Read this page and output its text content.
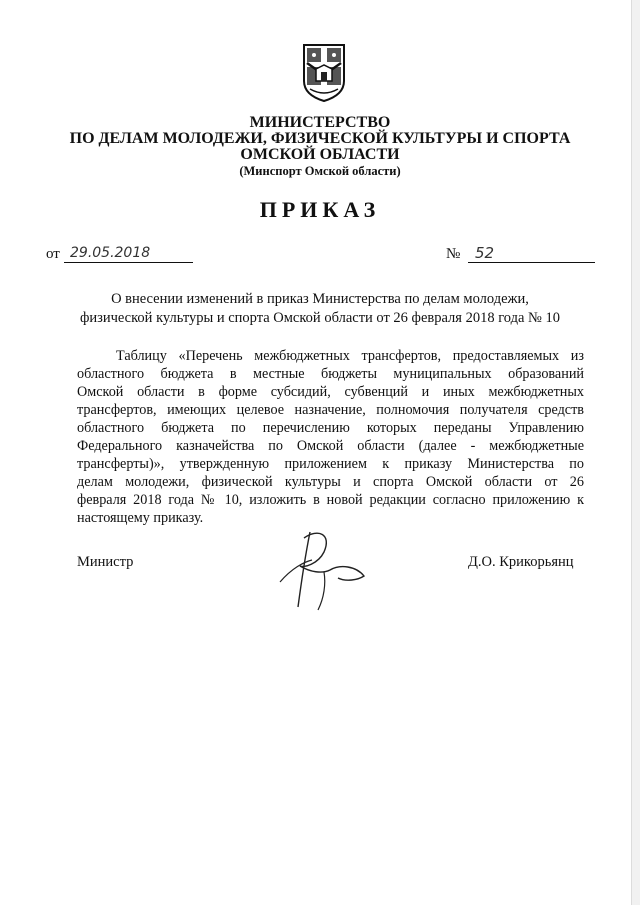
МИНИСТЕРСТВО
ПО ДЕЛАМ МОЛОДЕЖИ, ФИЗИЧЕСКОЙ КУЛЬТУРЫ И СПОРТА
ОМСКОЙ ОБЛАСТИ
(Минспорт Омской области)
ПРИКАЗ
от 29.05.2018	№ 52
О внесении изменений в приказ Министерства по делам молодежи,
физической культуры и спорта Омской области от 26 февраля 2018 года № 10
Таблицу «Перечень межбюджетных трансфертов, предоставляемых из
областного бюджета в местные бюджеты муниципальных образований
Омской области в форме субсидий, субвенций и иных межбюджетных
трансфертов, имеющих целевое назначение, полномочия получателя средств
областного бюджета по перечислению которых переданы Управлению
Федерального казначейства по Омской области (далее - межбюджетные
трансферты)», утвержденную приложением к приказу Министерства по
делам молодежи, физической культуры и спорта Омской области от 26
февраля 2018 года № 10, изложить в новой редакции согласно приложению к
настоящему приказу.
Министр	Д.О. Крикорьянц
